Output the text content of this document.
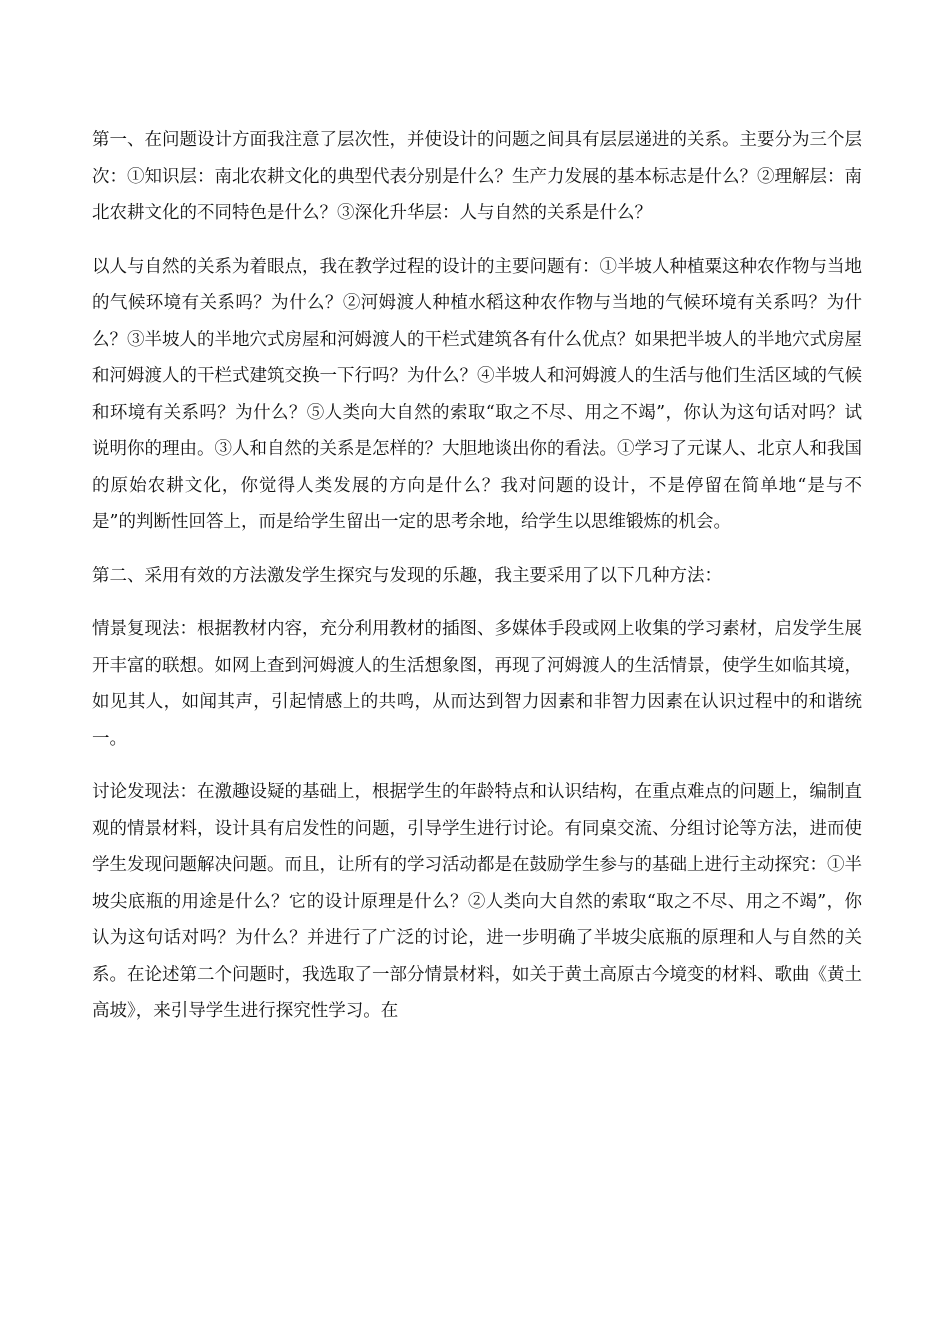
第一、在问题设计方面我注意了层次性，并使设计的问题之间具有层层递进的关系。主要分为三个层次：①知识层：南北农耕文化的典型代表分别是什么？生产力发展的基本标志是什么？②理解层：南北农耕文化的不同特色是什么？③深化升华层：人与自然的关系是什么？

以人与自然的关系为着眼点，我在教学过程的设计的主要问题有：①半坡人种植粟这种农作物与当地的气候环境有关系吗？为什么？②河姆渡人种植水稻这种农作物与当地的气候环境有关系吗？为什么？③半坡人的半地穴式房屋和河姆渡人的干栏式建筑各有什么优点？如果把半坡人的半地穴式房屋和河姆渡人的干栏式建筑交换一下行吗？为什么？④半坡人和河姆渡人的生活与他们生活区域的气候和环境有关系吗？为什么？⑤人类向大自然的索取“取之不尽、用之不竭”，你认为这句话对吗？试说明你的理由。③人和自然的关系是怎样的？大胆地谈出你的看法。①学习了元谋人、北京人和我国的原始农耕文化，你觉得人类发展的方向是什么？我对问题的设计，不是停留在简单地“是与不是”的判断性回答上，而是给学生留出一定的思考余地，给学生以思维锻炼的机会。

第二、采用有效的方法激发学生探究与发现的乐趣，我主要采用了以下几种方法：

情景复现法：根据教材内容，充分利用教材的插图、多媒体手段或网上收集的学习素材，启发学生展开丰富的联想。如网上查到河姆渡人的生活想象图，再现了河姆渡人的生活情景，使学生如临其境，如见其人，如闻其声，引起情感上的共鸣，从而达到智力因素和非智力因素在认识过程中的和谐统一。

讨论发现法：在激趣设疑的基础上，根据学生的年龄特点和认识结构，在重点难点的问题上，编制直观的情景材料，设计具有启发性的问题，引导学生进行讨论。有同桌交流、分组讨论等方法，进而使学生发现问题解决问题。而且，让所有的学习活动都是在鼓励学生参与的基础上进行主动探究：①半坡尖底瓶的用途是什么？它的设计原理是什么？②人类向大自然的索取“取之不尽、用之不竭”，你认为这句话对吗？为什么？并进行了广泛的讨论，进一步明确了半坡尖底瓶的原理和人与自然的关系。在论述第二个问题时，我选取了一部分情景材料，如关于黄土高原古今境变的材料、歌曲《黄土高坡》，来引导学生进行探究性学习。在
